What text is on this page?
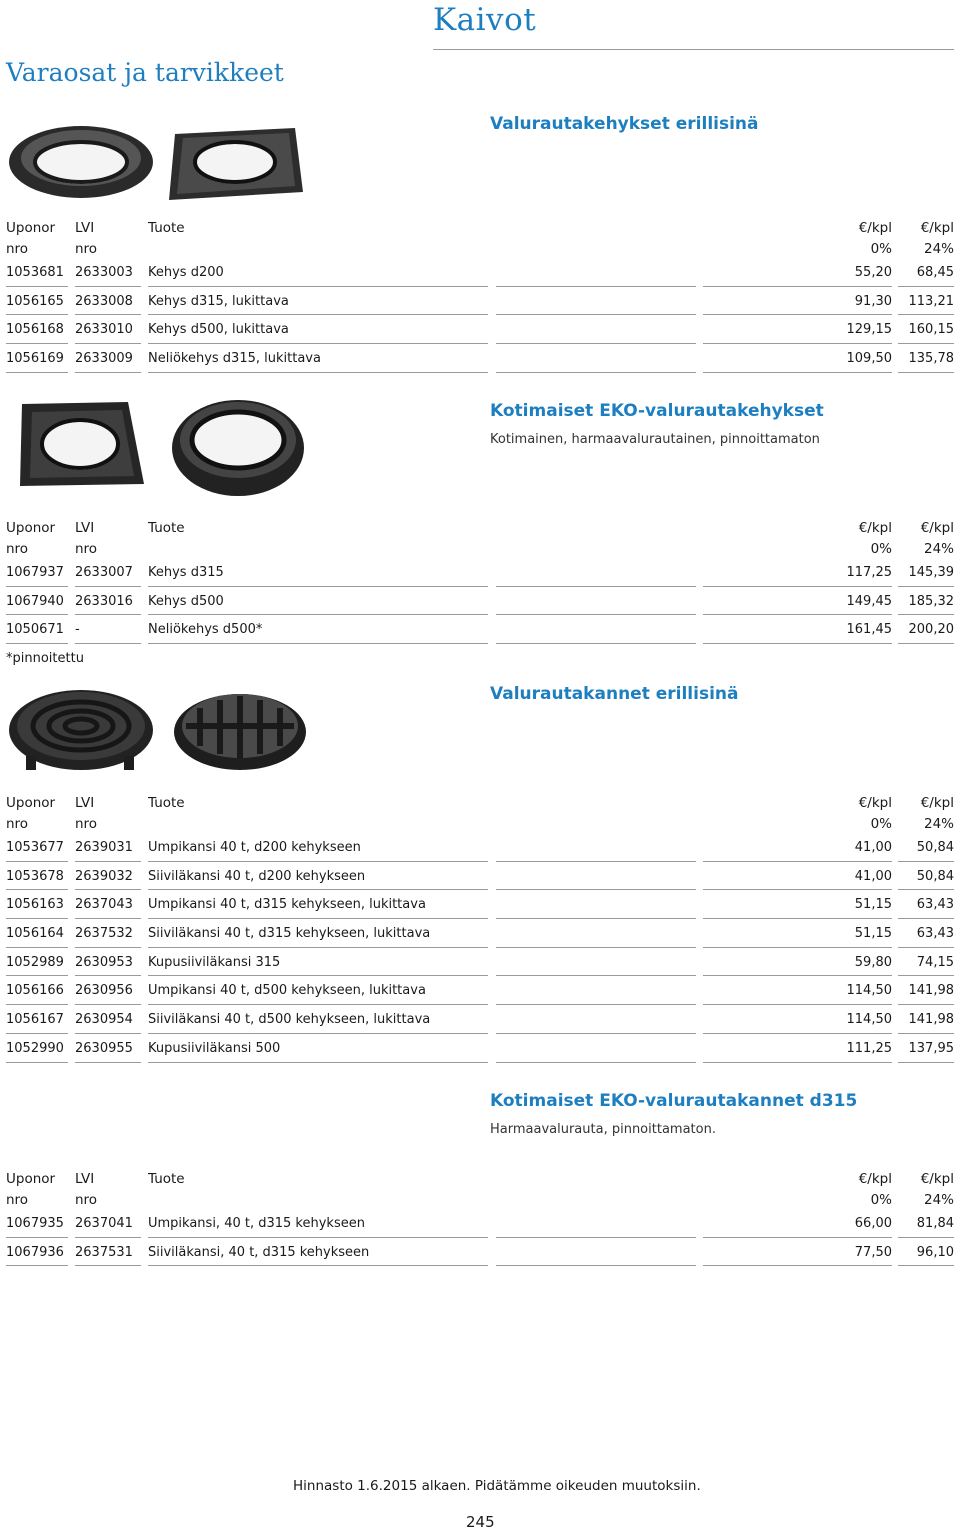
Kaivot
Varaosat ja tarvikkeet
Valurautakehykset erillisinä
Uponor LVI	Tuote	€/kpl €/kpl
nro	nro	0% 24%
1053681 2633003 Kehys d200	55,20 68,45
1056165 2633008 Kehys d315, lukittava	91,30 113,21
1056168 2633010 Kehys d500, lukittava	129,15 160,15
1056169 2633009 Neliökehys d315, lukittava	109,50 135,78
Kotimaiset EKO-valurautakehykset
Kotimainen, harmaavalurautainen, pinnoittamaton
Uponor LVI	Tuote	€/kpl €/kpl
nro	nro	0% 24%
1067937 2633007 Kehys d315	117,25 145,39
1067940 2633016 Kehys d500	149,45 185,32
1050671 -	Neliökehys d500*	161,45 200,20
*pinnoitettu
Valurautakannet erillisinä
Uponor LVI	Tuote	€/kpl €/kpl
nro	nro	0% 24%
1053677 2639031 Umpikansi 40 t, d200 kehykseen	41,00 50,84
1053678 2639032 Siiviläkansi 40 t, d200 kehykseen	41,00 50,84
1056163 2637043 Umpikansi 40 t, d315 kehykseen, lukittava	51,15 63,43
1056164 2637532 Siiviläkansi 40 t, d315 kehykseen, lukittava	51,15 63,43
1052989 2630953 Kupusiiviläkansi 315	59,80 74,15
1056166 2630956 Umpikansi 40 t, d500 kehykseen, lukittava	114,50 141,98
1056167 2630954 Siiviläkansi 40 t, d500 kehykseen, lukittava	114,50 141,98
1052990 2630955 Kupusiiviläkansi 500	111,25 137,95
Kotimaiset EKO-valurautakannet d315
Harmaavalurauta, pinnoittamaton.
Uponor LVI	Tuote	€/kpl €/kpl
nro	nro	0% 24%
1067935 2637041 Umpikansi, 40 t, d315 kehykseen	66,00 81,84
1067936 2637531 Siiviläkansi, 40 t, d315 kehykseen	77,50 96,10
Hinnasto 1.6.2015 alkaen. Pidätämme oikeuden muutoksiin.
245
